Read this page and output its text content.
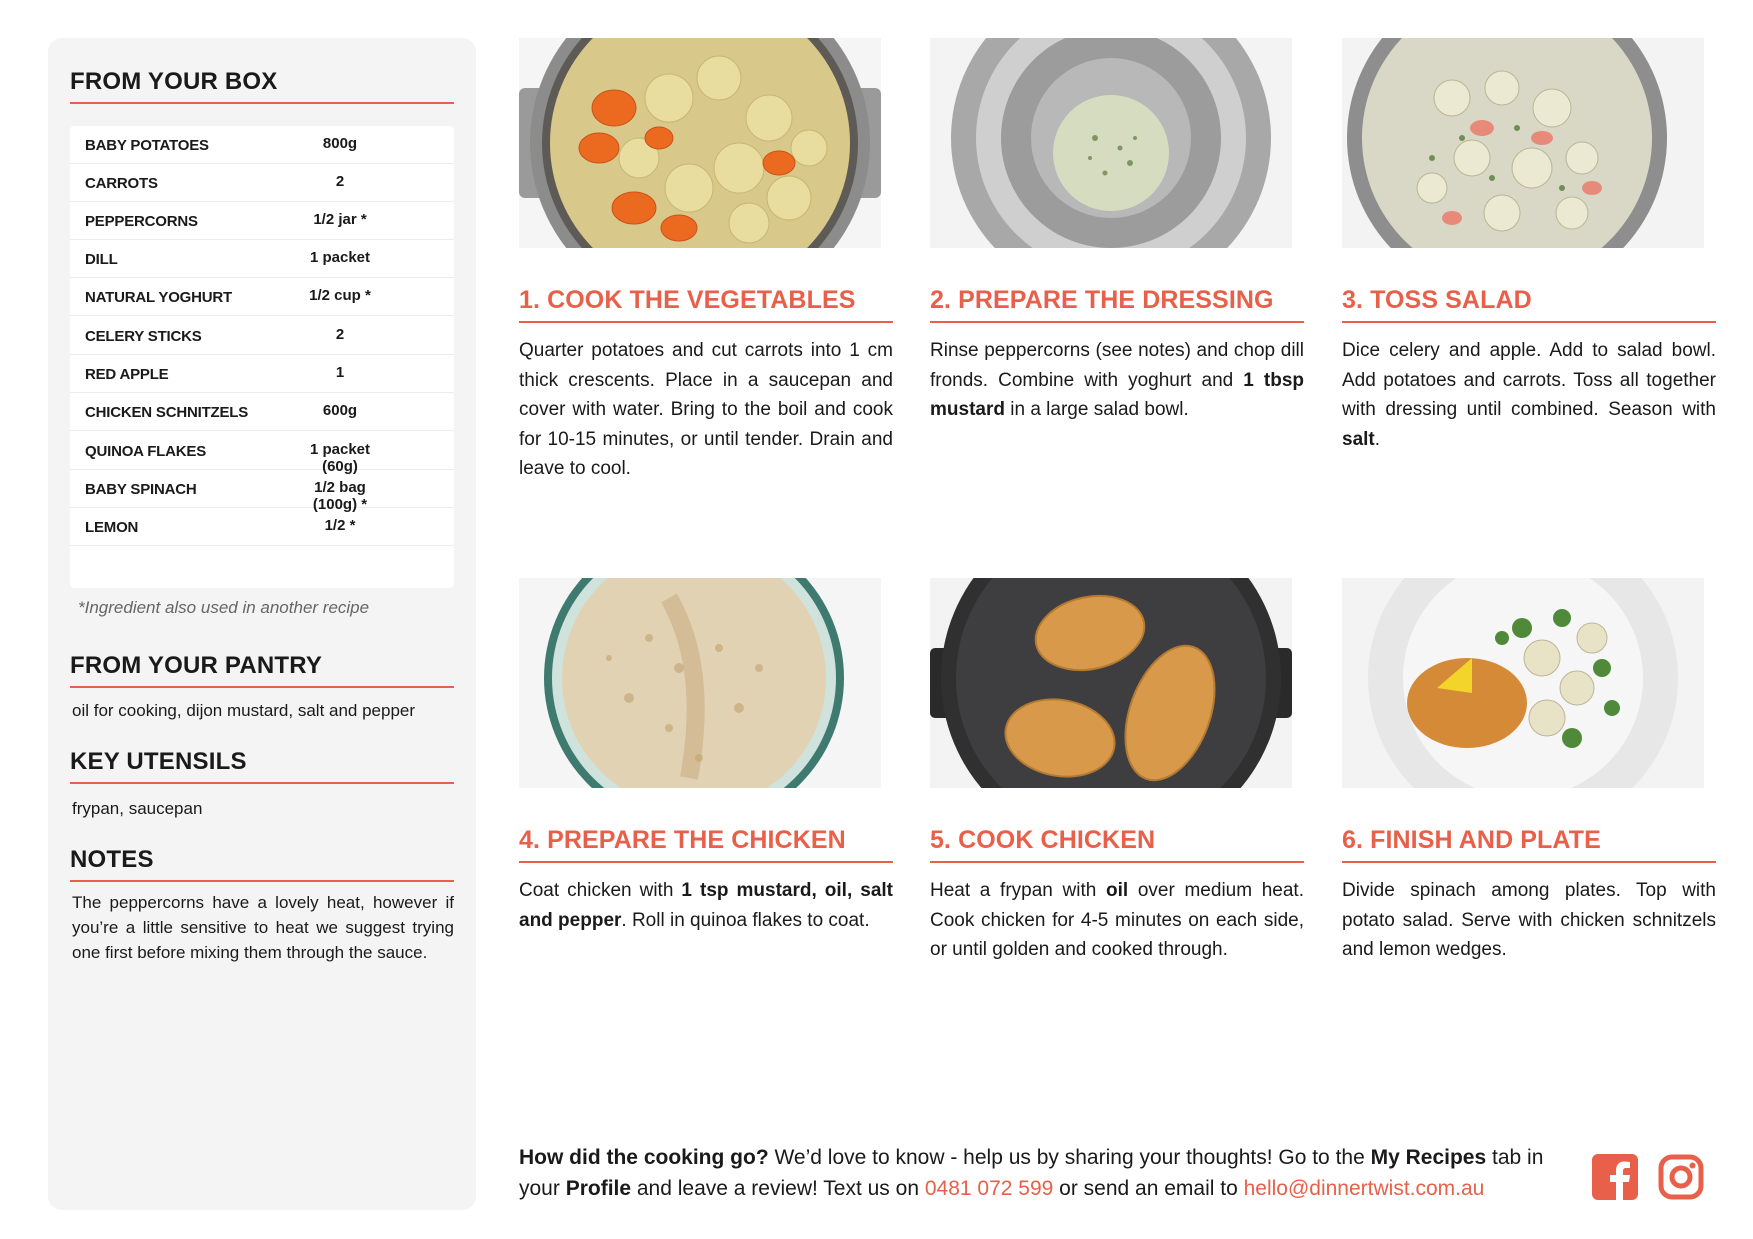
FROM YOUR BOX
BABY POTATOES	800g
CARROTS	2
PEPPERCORNS	1/2 jar *
DILL	1 packet
NATURAL YOGHURT	1/2 cup *
CELERY STICKS	2
RED APPLE	1
CHICKEN SCHNITZELS	600g
QUINOA FLAKES	1 packet (60g)
BABY SPINACH	1/2 bag (100g) *
LEMON	1/2 *
*Ingredient also used in another recipe
FROM YOUR PANTRY
oil for cooking, dijon mustard, salt and pepper
KEY UTENSILS
frypan, saucepan
NOTES
The peppercorns have a lovely heat, however if you’re a little sensitive to heat we suggest trying one first before mixing them through the sauce.
1. COOK THE VEGETABLES
Quarter potatoes and cut carrots into 1 cm thick crescents. Place in a saucepan and cover with water. Bring to the boil and cook for 10-15 minutes, or until tender. Drain and leave to cool.
2. PREPARE THE DRESSING
Rinse peppercorns (see notes) and chop dill fronds. Combine with yoghurt and 1 tbsp mustard in a large salad bowl.
3. TOSS SALAD
Dice celery and apple. Add to salad bowl. Add potatoes and carrots. Toss all together with dressing until combined. Season with salt.
4. PREPARE THE CHICKEN
Coat chicken with 1 tsp mustard, oil, salt and pepper. Roll in quinoa flakes to coat.
5. COOK CHICKEN
Heat a frypan with oil over medium heat. Cook chicken for 4-5 minutes on each side, or until golden and cooked through.
6. FINISH AND PLATE
Divide spinach among plates. Top with potato salad. Serve with chicken schnitzels and lemon wedges.
How did the cooking go? We’d love to know - help us by sharing your thoughts! Go to the My Recipes tab in your Profile and leave a review! Text us on 0481 072 599 or send an email to hello@dinnertwist.com.au
